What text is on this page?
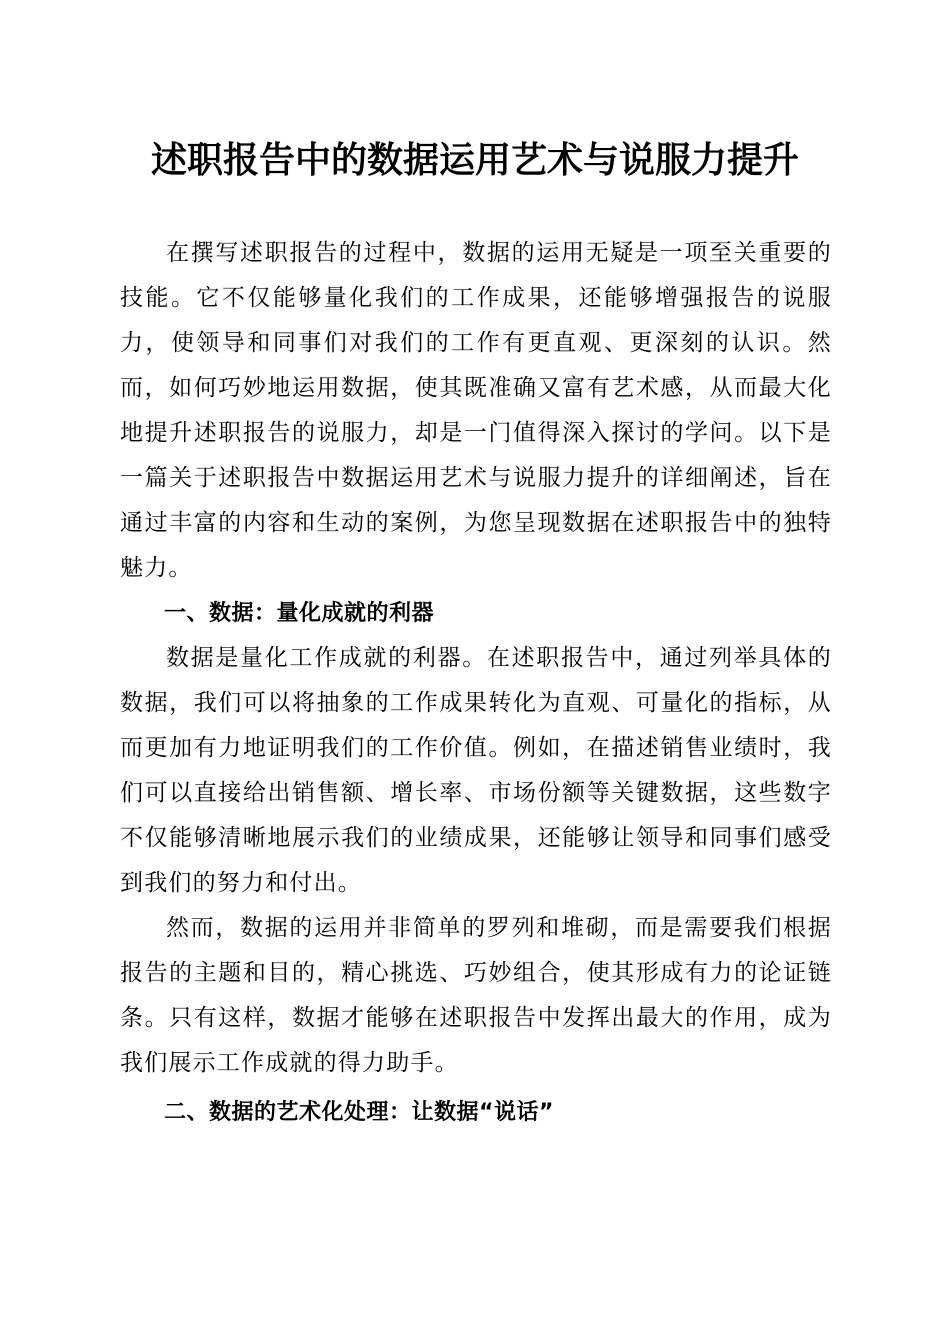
述职报告中的数据运用艺术与说服力提升

在撰写述职报告的过程中，数据的运用无疑是一项至关重要的技能。它不仅能够量化我们的工作成果，还能够增强报告的说服力，使领导和同事们对我们的工作有更直观、更深刻的认识。然而，如何巧妙地运用数据，使其既准确又富有艺术感，从而最大化地提升述职报告的说服力，却是一门值得深入探讨的学问。以下是一篇关于述职报告中数据运用艺术与说服力提升的详细阐述，旨在通过丰富的内容和生动的案例，为您呈现数据在述职报告中的独特魅力。

一、数据：量化成就的利器

数据是量化工作成就的利器。在述职报告中，通过列举具体的数据，我们可以将抽象的工作成果转化为直观、可量化的指标，从而更加有力地证明我们的工作价值。例如，在描述销售业绩时，我们可以直接给出销售额、增长率、市场份额等关键数据，这些数字不仅能够清晰地展示我们的业绩成果，还能够让领导和同事们感受到我们的努力和付出。

然而，数据的运用并非简单的罗列和堆砌，而是需要我们根据报告的主题和目的，精心挑选、巧妙组合，使其形成有力的论证链条。只有这样，数据才能够在述职报告中发挥出最大的作用，成为我们展示工作成就的得力助手。

二、数据的艺术化处理：让数据“说话”
